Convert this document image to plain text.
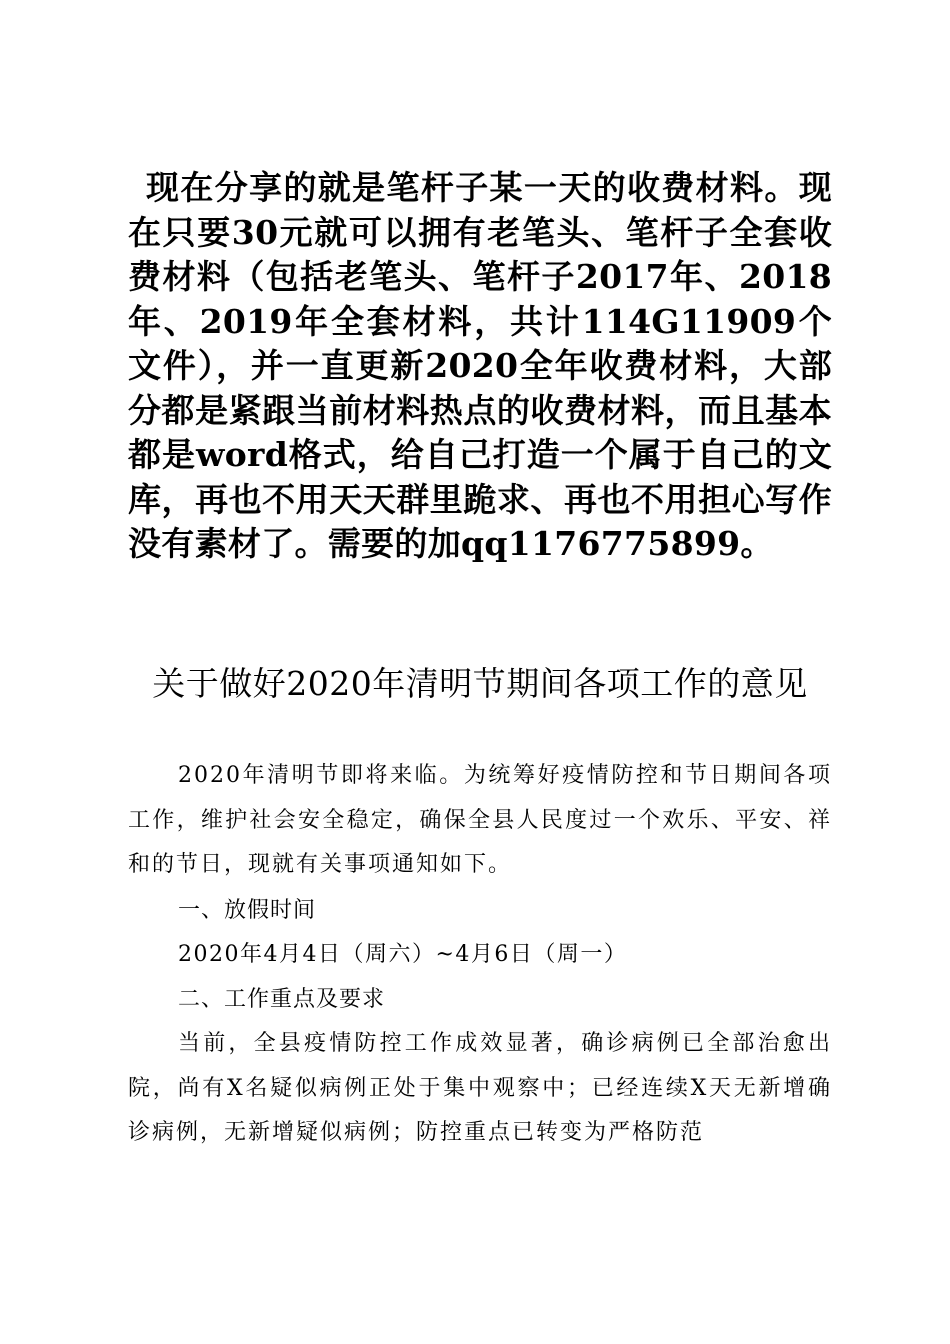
现在分享的就是笔杆子某一天的收费材料。现在只要30元就可以拥有老笔头、笔杆子全套收费材料（包括老笔头、笔杆子2017年、2018年、2019年全套材料，共计114G11909个文件），并一直更新2020全年收费材料，大部分都是紧跟当前材料热点的收费材料，而且基本都是word格式，给自己打造一个属于自己的文库，再也不用天天群里跪求、再也不用担心写作没有素材了。需要的加qq1176775899。
关于做好2020年清明节期间各项工作的意见
2020年清明节即将来临。为统筹好疫情防控和节日期间各项工作，维护社会安全稳定，确保全县人民度过一个欢乐、平安、祥和的节日，现就有关事项通知如下。
一、放假时间
2020年4月4日（周六）~4月6日（周一）
二、工作重点及要求
当前，全县疫情防控工作成效显著，确诊病例已全部治愈出院，尚有X名疑似病例正处于集中观察中；已经连续X天无新增确诊病例，无新增疑似病例；防控重点已转变为严格防范
